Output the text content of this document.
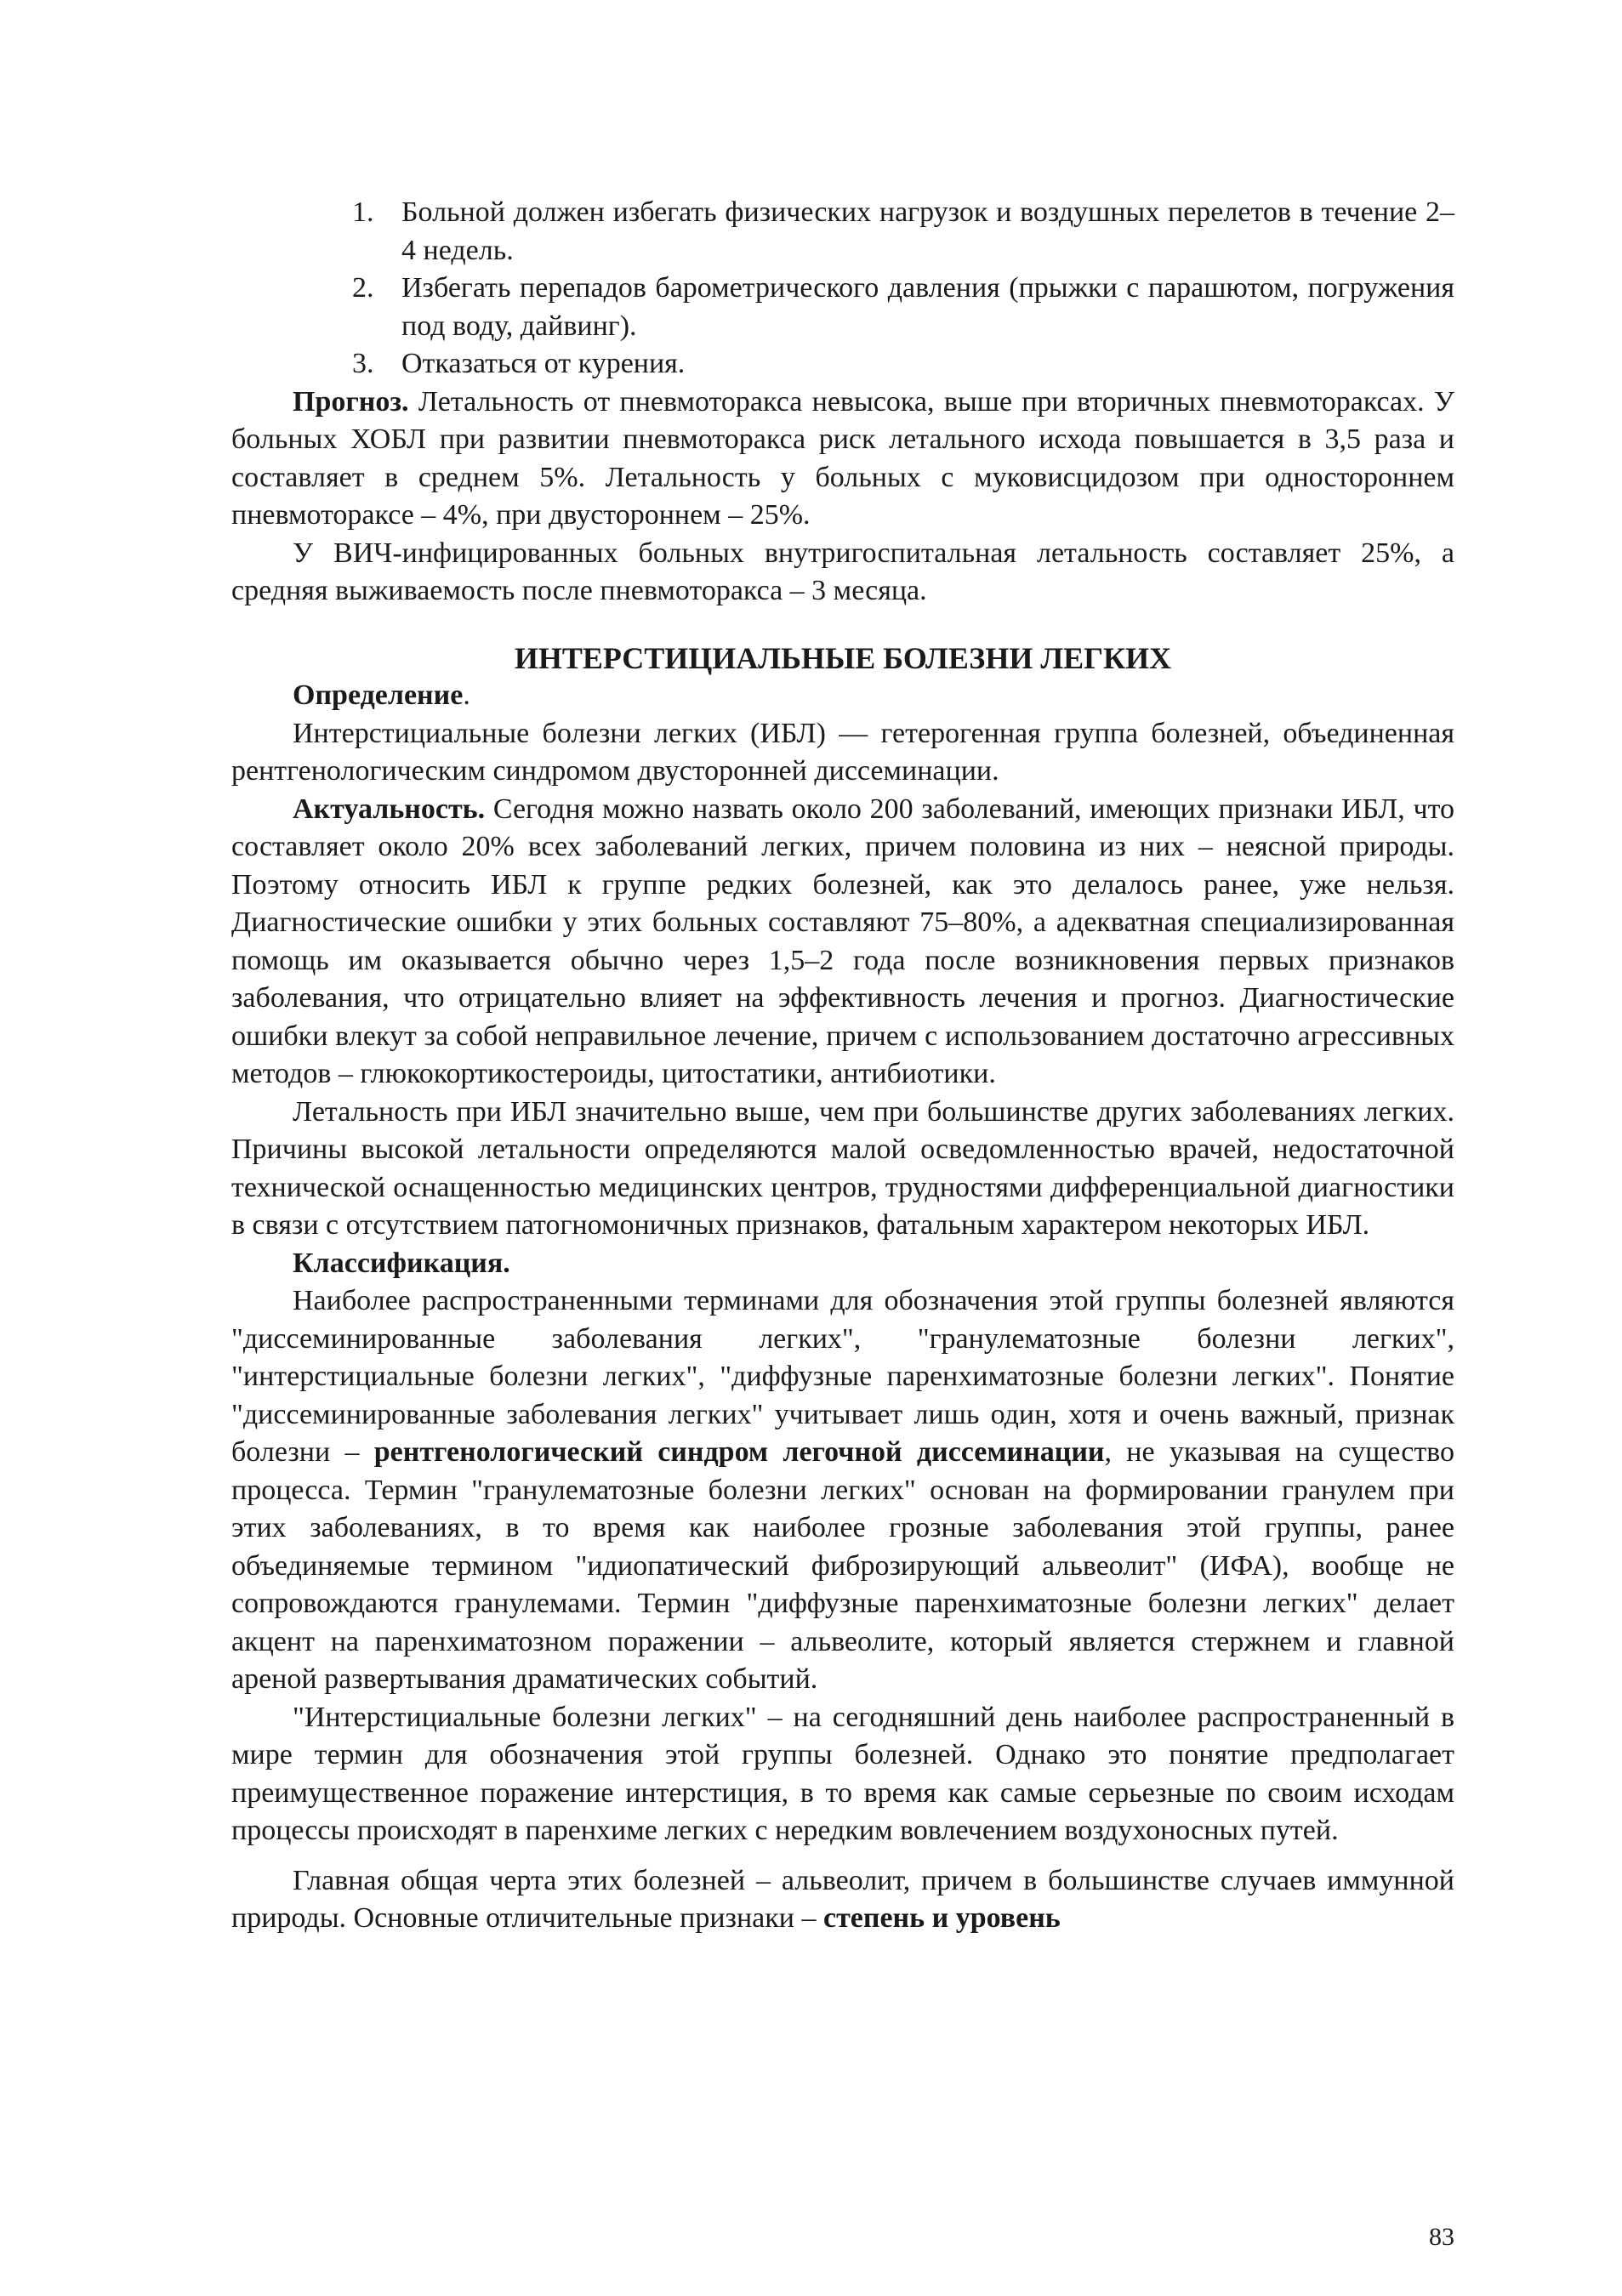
1. Больной должен избегать физических нагрузок и воздушных перелетов в течение 2–4 недель.
2. Избегать перепадов барометрического давления (прыжки с парашютом, погружения под воду, дайвинг).
3. Отказаться от курения.

Прогноз. Летальность от пневмоторакса невысока, выше при вторичных пневмотораксах. У больных ХОБЛ при развитии пневмоторакса риск летального исхода повышается в 3,5 раза и составляет в среднем 5%. Летальность у больных с муковисцидозом при одностороннем пневмотораксе – 4%, при двустороннем – 25%.

У ВИЧ-инфицированных больных внутригоспитальная летальность составляет 25%, а средняя выживаемость после пневмоторакса – 3 месяца.

ИНТЕРСТИЦИАЛЬНЫЕ БОЛЕЗНИ ЛЕГКИХ

Определение.

Интерстициальные болезни легких (ИБЛ) — гетерогенная группа болезней, объединенная рентгенологическим синдромом двусторонней диссеминации.

Актуальность. Сегодня можно назвать около 200 заболеваний, имеющих признаки ИБЛ, что составляет около 20% всех заболеваний легких, причем половина из них – неясной природы. Поэтому относить ИБЛ к группе редких болезней, как это делалось ранее, уже нельзя. Диагностические ошибки у этих больных составляют 75–80%, а адекватная специализированная помощь им оказывается обычно через 1,5–2 года после возникновения первых признаков заболевания, что отрицательно влияет на эффективность лечения и прогноз. Диагностические ошибки влекут за собой неправильное лечение, причем с использованием достаточно агрессивных методов – глюкокортикостероиды, цитостатики, антибиотики.

Летальность при ИБЛ значительно выше, чем при большинстве других заболеваниях легких. Причины высокой летальности определяются малой осведомленностью врачей, недостаточной технической оснащенностью медицинских центров, трудностями дифференциальной диагностики в связи с отсутствием патогномоничных признаков, фатальным характером некоторых ИБЛ.

Классификация.

Наиболее распространенными терминами для обозначения этой группы болезней являются "диссеминированные заболевания легких", "гранулематозные болезни легких", "интерстициальные болезни легких", "диффузные паренхиматозные болезни легких". Понятие "диссеминированные заболевания легких" учитывает лишь один, хотя и очень важный, признак болезни – рентгенологический синдром легочной диссеминации, не указывая на существо процесса. Термин "гранулематозные болезни легких" основан на формировании гранулем при этих заболеваниях, в то время как наиболее грозные заболевания этой группы, ранее объединяемые термином "идиопатический фиброзирующий альвеолит" (ИФА), вообще не сопровождаются гранулемами. Термин "диффузные паренхиматозные болезни легких" делает акцент на паренхиматозном поражении – альвеолите, который является стержнем и главной ареной развертывания драматических событий.

"Интерстициальные болезни легких" – на сегодняшний день наиболее распространенный в мире термин для обозначения этой группы болезней. Однако это понятие предполагает преимущественное поражение интерстиция, в то время как самые серьезные по своим исходам процессы происходят в паренхиме легких с нередким вовлечением воздухоносных путей.

Главная общая черта этих болезней – альвеолит, причем в большинстве случаев иммунной природы. Основные отличительные признаки – степень и уровень

83
